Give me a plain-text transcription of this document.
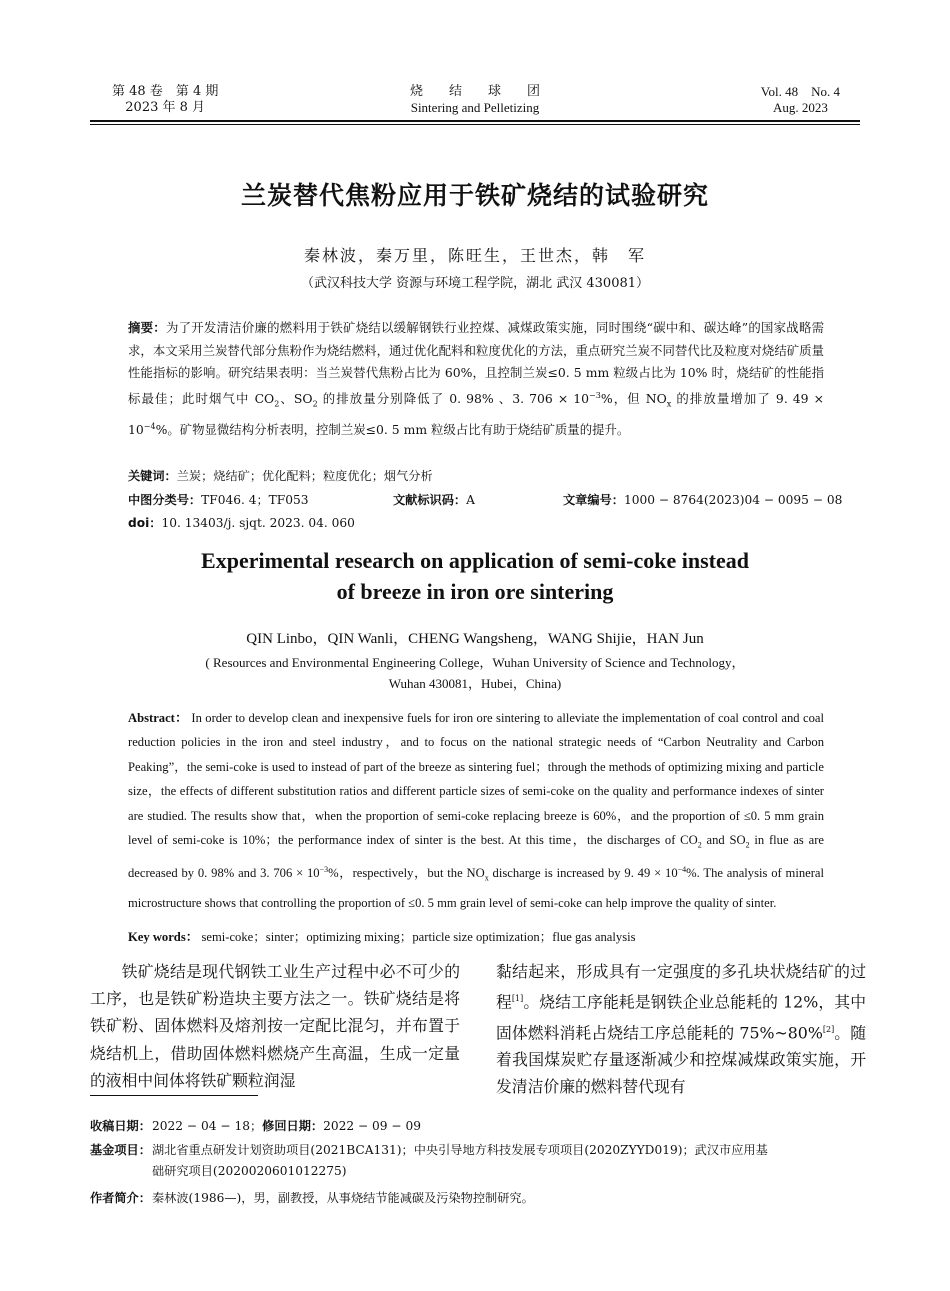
第 48 卷　第 4 期
2023 年 8 月
烧　　结　　球　　团
Sintering and Pelletizing
Vol. 48　No. 4
Aug. 2023
兰炭替代焦粉应用于铁矿烧结的试验研究
秦林波，秦万里，陈旺生，王世杰，韩　军
（武汉科技大学 资源与环境工程学院，湖北 武汉 430081）
摘要：为了开发清洁价廉的燃料用于铁矿烧结以缓解钢铁行业控煤、减煤政策实施，同时围绕“碳中和、碳达峰”的国家战略需求，本文采用兰炭替代部分焦粉作为烧结燃料，通过优化配料和粒度优化的方法，重点研究兰炭不同替代比及粒度对烧结矿质量性能指标的影响。研究结果表明：当兰炭替代焦粉占比为 60%，且控制兰炭≤0. 5 mm 粒级占比为 10% 时，烧结矿的性能指标最佳；此时烟气中 $CO_2$、$SO_2$ 的排放量分别降低了 0. 98% 、3. $706 \times 10^{-3}\%$，但 $NO_x$ 的排放量增加了 9. $49 \times 10^{-4}\%$。矿物显微结构分析表明，控制兰炭≤0. 5 mm 粒级占比有助于烧结矿质量的提升。
关键词：兰炭；烧结矿；优化配料；粒度优化；烟气分析
中图分类号：TF046. 4；TF053	文献标识码：A	文章编号：1000 − 8764(2023)04 − 0095 − 08
doi：10. 13403/j. sjqt. 2023. 04. 060
Experimental research on application of semi-coke instead
of breeze in iron ore sintering
QIN Linbo，QIN Wanli，CHENG Wangsheng，WANG Shijie，HAN Jun
( Resources and Environmental Engineering College，Wuhan University of Science and Technology，
Wuhan 430081，Hubei，China)
Abstract： In order to develop clean and inexpensive fuels for iron ore sintering to alleviate the implementation of coal control and coal reduction policies in the iron and steel industry，and to focus on the national strategic needs of “Carbon Neutrality and Carbon Peaking”，the semi-coke is used to instead of part of the breeze as sintering fuel；through the methods of optimizing mixing and particle size，the effects of different substitution ratios and different particle sizes of semi-coke on the quality and performance indexes of sinter are studied. The results show that，when the proportion of semi-coke replacing breeze is 60%，and the proportion of ≤0. 5 mm grain level of semi-coke is 10%；the performance index of sinter is the best. At this time，the discharges of $CO_2$ and $SO_2$ in flue as are decreased by 0. 98% and 3. $706 \times 10^{-3}\%$，respectively，but the $NO_x$ discharge is increased by 9. $49 \times 10^{-4}\%$. The analysis of mineral microstructure shows that controlling the proportion of ≤0. 5 mm grain level of semi-coke can help improve the quality of sinter.
Key words： semi-coke；sinter；optimizing mixing；particle size optimization；flue gas analysis
铁矿烧结是现代钢铁工业生产过程中必不可少的工序，也是铁矿粉造块主要方法之一。铁矿烧结是将铁矿粉、固体燃料及熔剂按一定配比混匀，并布置于烧结机上，借助固体燃料燃烧产生高温，生成一定量的液相中间体将铁矿颗粒润湿
黏结起来，形成具有一定强度的多孔块状烧结矿的过程[1]。烧结工序能耗是钢铁企业总能耗的 12%，其中固体燃料消耗占烧结工序总能耗的 75%~80%[2]。随着我国煤炭贮存量逐渐减少和控煤减煤政策实施，开发清洁价廉的燃料替代现有
收稿日期：2022 − 04 − 18；修回日期：2022 − 09 − 09
基金项目：湖北省重点研发计划资助项目(2021BCA131)；中央引导地方科技发展专项项目(2020ZYYD019)；武汉市应用基
础研究项目(2020020601012275)
作者简介：秦林波(1986—)，男，副教授，从事烧结节能减碳及污染物控制研究。
